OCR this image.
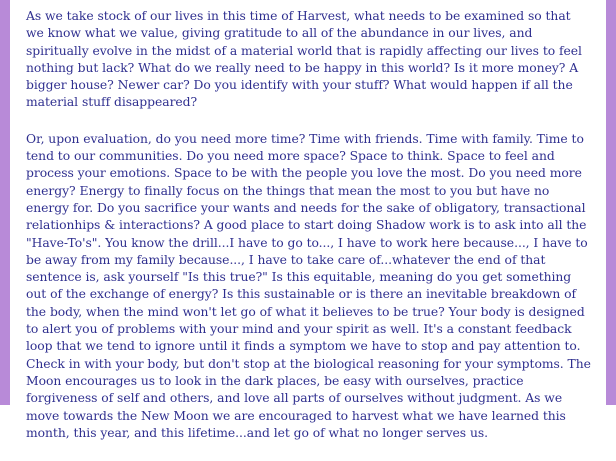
As we take stock of our lives in this time of Harvest, what needs to be examined so that we know what we value, giving gratitude to all of the abundance in our lives, and spiritually evolve in the midst of a material world that is rapidly affecting our lives to feel nothing but lack? What do we really need to be happy in this world? Is it more money? A bigger house? Newer car? Do you identify with your stuff? What would happen if all the material stuff disappeared?

Or, upon evaluation, do you need more time? Time with friends. Time with family. Time to tend to our communities. Do you need more space? Space to think. Space to feel and process your emotions. Space to be with the people you love the most. Do you need more energy? Energy to finally focus on the things that mean the most to you but have no energy for. Do you sacrifice your wants and needs for the sake of obligatory, transactional relationhips & interactions? A good place to start doing Shadow work is to ask into all the "Have-To's". You know the drill...I have to go to..., I have to work here because..., I have to be away from my family because..., I have to take care of...whatever the end of that sentence is, ask yourself "Is this true?" Is this equitable, meaning do you get something out of the exchange of energy? Is this sustainable or is there an inevitable breakdown of the body, when the mind won't let go of what it believes to be true? Your body is designed to alert you of problems with your mind and your spirit as well. It's a constant feedback loop that we tend to ignore until it finds a symptom we have to stop and pay attention to. Check in with your body, but don't stop at the biological reasoning for your symptoms. The Moon encourages us to look in the dark places, be easy with ourselves, practice forgiveness of self and others, and love all parts of ourselves without judgment. As we move towards the New Moon we are encouraged to harvest what we have learned this month, this year, and this lifetime...and let go of what no longer serves us.
